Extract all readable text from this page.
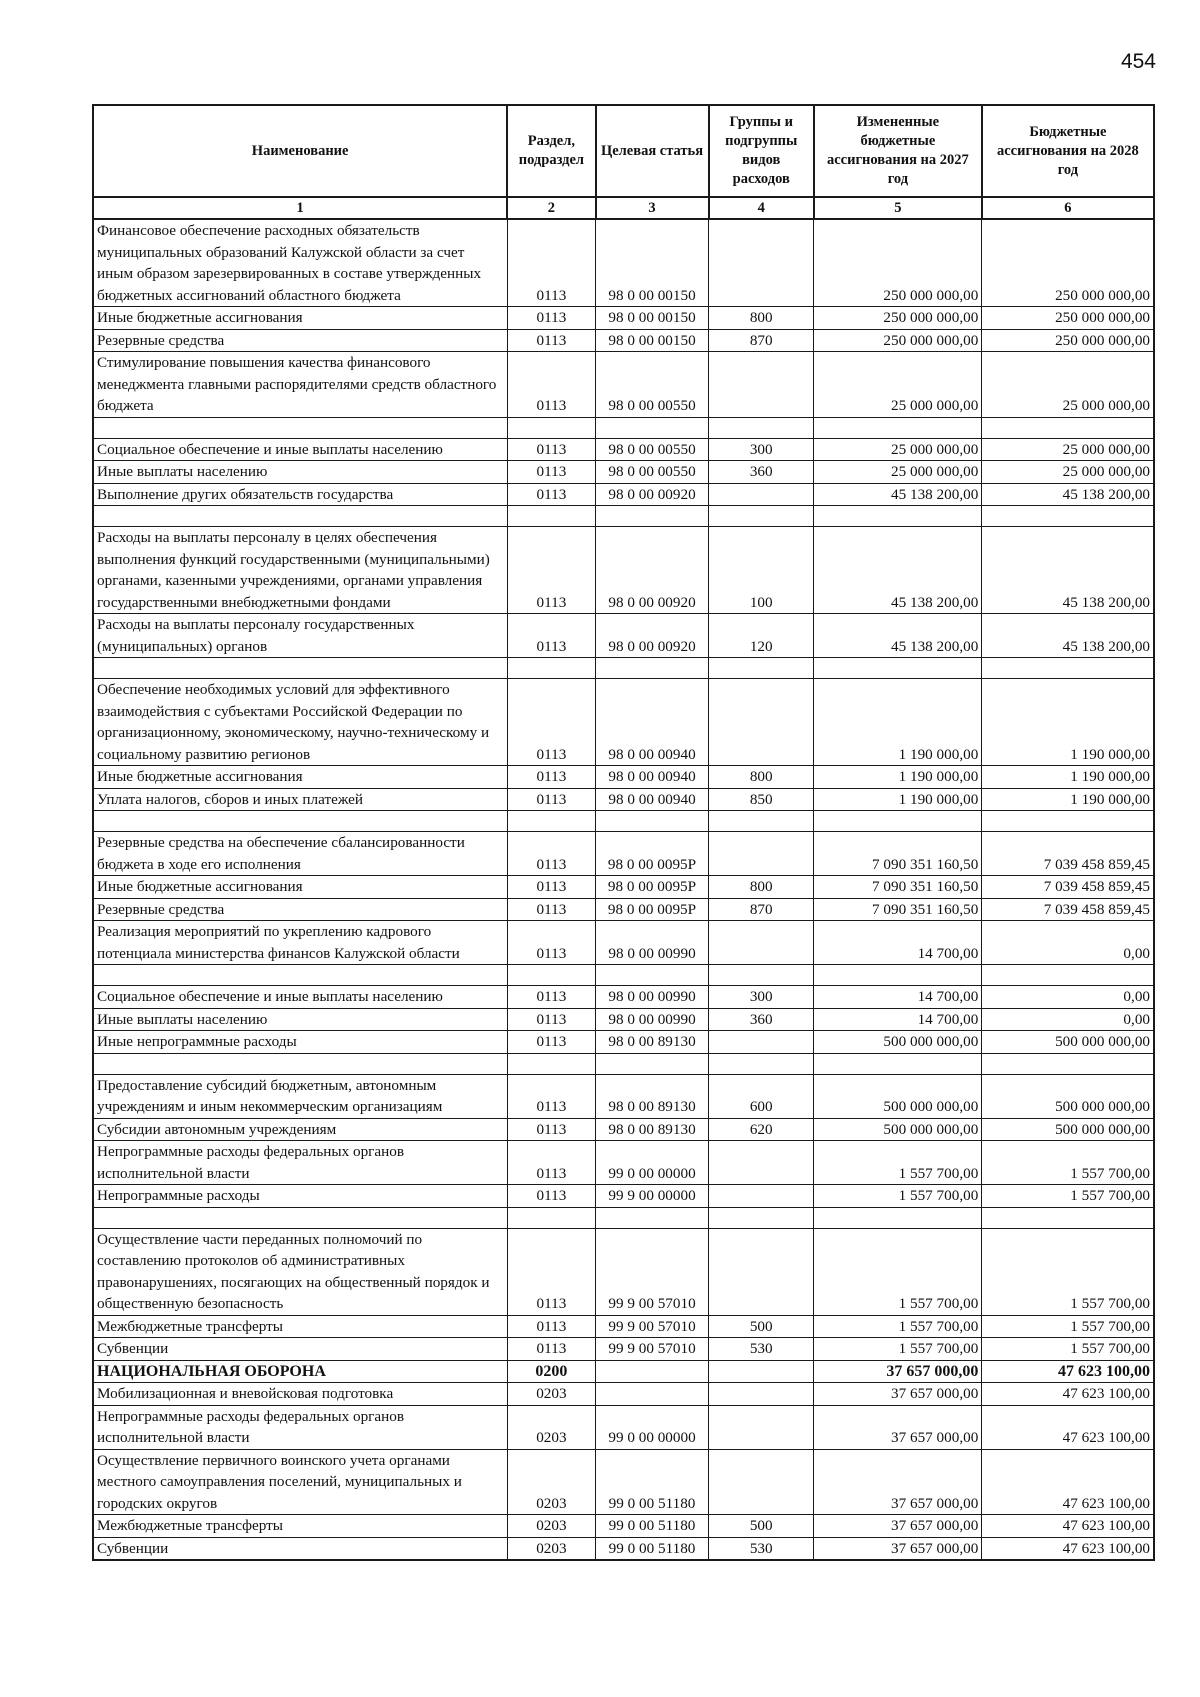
454
Наименование	Раздел, подраздел	Целевая статья	Группы и подгруппы видов расходов	Измененные бюджетные ассигнования на 2027 год	Бюджетные ассигнования на 2028 год
1	2	3	4	5	6
Финансовое обеспечение расходных обязательств муниципальных образований Калужской области за счет иным образом зарезервированных в составе утвержденных бюджетных ассигнований областного бюджета	0113	98 0 00 00150		250 000 000,00	250 000 000,00
Иные бюджетные ассигнования	0113	98 0 00 00150	800	250 000 000,00	250 000 000,00
Резервные средства	0113	98 0 00 00150	870	250 000 000,00	250 000 000,00
Стимулирование повышения качества финансового менеджмента главными распорядителями средств областного бюджета	0113	98 0 00 00550		25 000 000,00	25 000 000,00

Социальное обеспечение и иные выплаты населению	0113	98 0 00 00550	300	25 000 000,00	25 000 000,00
Иные выплаты населению	0113	98 0 00 00550	360	25 000 000,00	25 000 000,00
Выполнение других обязательств государства	0113	98 0 00 00920		45 138 200,00	45 138 200,00

Расходы на выплаты персоналу в целях обеспечения выполнения функций государственными (муниципальными) органами, казенными учреждениями, органами управления государственными внебюджетными фондами	0113	98 0 00 00920	100	45 138 200,00	45 138 200,00
Расходы на выплаты персоналу государственных (муниципальных) органов	0113	98 0 00 00920	120	45 138 200,00	45 138 200,00

Обеспечение необходимых условий для эффективного взаимодействия с субъектами Российской Федерации по организационному, экономическому, научно-техническому и социальному развитию регионов	0113	98 0 00 00940		1 190 000,00	1 190 000,00
Иные бюджетные ассигнования	0113	98 0 00 00940	800	1 190 000,00	1 190 000,00
Уплата налогов, сборов и иных платежей	0113	98 0 00 00940	850	1 190 000,00	1 190 000,00

Резервные средства на обеспечение сбалансированности бюджета в ходе его исполнения	0113	98 0 00 0095Р		7 090 351 160,50	7 039 458 859,45
Иные бюджетные ассигнования	0113	98 0 00 0095Р	800	7 090 351 160,50	7 039 458 859,45
Резервные средства	0113	98 0 00 0095Р	870	7 090 351 160,50	7 039 458 859,45
Реализация мероприятий по укреплению кадрового потенциала министерства финансов Калужской области	0113	98 0 00 00990		14 700,00	0,00

Социальное обеспечение и иные выплаты населению	0113	98 0 00 00990	300	14 700,00	0,00
Иные выплаты населению	0113	98 0 00 00990	360	14 700,00	0,00
Иные непрограммные расходы	0113	98 0 00 89130		500 000 000,00	500 000 000,00

Предоставление субсидий бюджетным, автономным учреждениям и иным некоммерческим организациям	0113	98 0 00 89130	600	500 000 000,00	500 000 000,00
Субсидии автономным учреждениям	0113	98 0 00 89130	620	500 000 000,00	500 000 000,00
Непрограммные расходы федеральных органов исполнительной власти	0113	99 0 00 00000		1 557 700,00	1 557 700,00
Непрограммные расходы	0113	99 9 00 00000		1 557 700,00	1 557 700,00

Осуществление части переданных полномочий по составлению протоколов об административных правонарушениях, посягающих на общественный порядок и общественную безопасность	0113	99 9 00 57010		1 557 700,00	1 557 700,00
Межбюджетные трансферты	0113	99 9 00 57010	500	1 557 700,00	1 557 700,00
Субвенции	0113	99 9 00 57010	530	1 557 700,00	1 557 700,00
НАЦИОНАЛЬНАЯ ОБОРОНА	0200			37 657 000,00	47 623 100,00
Мобилизационная и вневойсковая подготовка	0203			37 657 000,00	47 623 100,00
Непрограммные расходы федеральных органов исполнительной власти	0203	99 0 00 00000		37 657 000,00	47 623 100,00
Осуществление первичного воинского учета органами местного самоуправления поселений, муниципальных и городских округов	0203	99 0 00 51180		37 657 000,00	47 623 100,00
Межбюджетные трансферты	0203	99 0 00 51180	500	37 657 000,00	47 623 100,00
Субвенции	0203	99 0 00 51180	530	37 657 000,00	47 623 100,00
